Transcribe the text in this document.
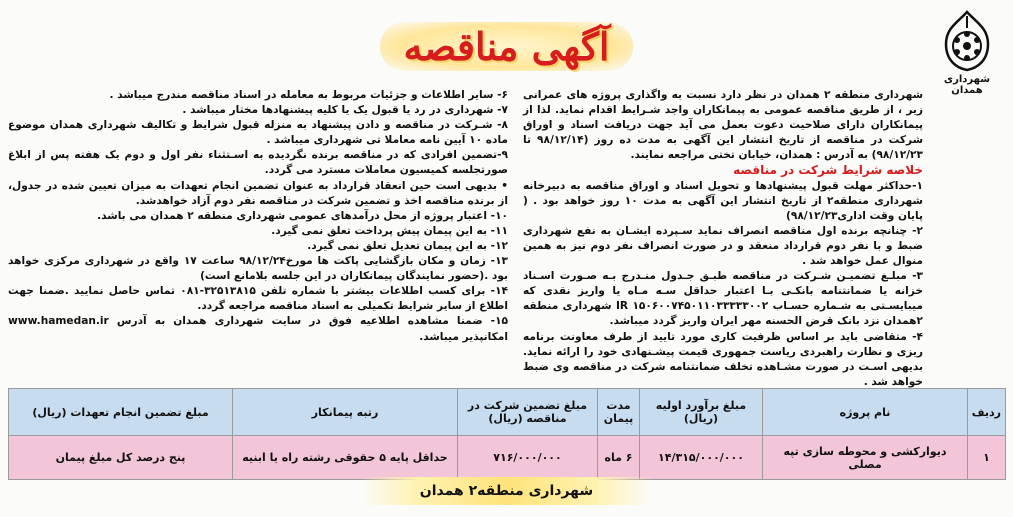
شهرداری همدان
آگهی مناقصه

شهرداری منطقه ۲ همدان در نظر دارد نسبت به واگذاری پروژه های عمرانی زیر ، از طریق مناقصه عمومی به پیمانکاران واجد شـرایط اقدام نماید. لذا از پیمانکاران دارای صلاحیت دعوت بعمل می آید جهت دریافت اسناد و اوراق شرکت در مناقصه از تاریخ انتشار این آگهی به مدت ده روز (۹۸/۱۲/۱۴ تا ۹۸/۱۲/۲۳) به آدرس : همدان، خیابان تختی مراجعه نمایند.

خلاصه شرایط شرکت در مناقصه

۱-حداکثر مهلت قبول پیشنهادها و تحویل اسناد و اوراق مناقصه به دبیرخانه شهرداری منطقه۲ از تاریخ انتشار این آگهی به مدت ۱۰ روز خواهد بود . ( پایان وقت اداری۹۸/۱۲/۲۳)

۲- چنانچه برنده اول مناقصه انصراف نماید سـپرده ایشـان به نفع شهرداری ضبط و با نفر دوم قرارداد منعقد و در صورت انصراف نفر دوم نیز به همین منوال عمل خواهد شد .

۳- مبلـغ تضمیـن شـرکت در مناقصه طبـق جـدول منـدرج بـه صـورت اسـناد خزانه یا ضمانتنامه بانکـی بـا اعتبار حداقل سـه مـاه یا واریز نقدی که میبایسـتی به شـماره حسـاب IR ۱۵۰۶۰۰۷۴۵۰۱۱۰۳۳۳۳۳۰۰۲ شهرداری منطقه ۲همدان نزد بانک قرض الحسنه مهر ایران واریز گردد میباشد.

۴- متقاضی باید بر اساس ظرفیت کاری مورد تایید از طرف معاونت برنامه ریزی و نظارت راهبردی ریاست جمهوری قیمت پیشـنهادی خود را ارائه نماید. بدیهی اسـت در صورت مشـاهده تخلف ضمانتنامه شرکت در مناقصه وی ضبط خواهد شد .

۶- سایر اطلاعات و جزئیات مربوط به معامله در اسناد مناقصه مندرج میباشد .

۷- شهرداری در رد یا قبول یک یا کلیه پیشنهادها مختار میباشد .

۸- شـرکت در مناقصه و دادن پیشنهاد به منزله قبول شرایط و تکالیف شهرداری همدان موضوع ماده ۱۰ آیین نامه معاملا تی شهرداری میباشد .

۹-تضمین افرادی که در مناقصه برنده نگردیده به اسـتثناء نفر اول و دوم یک هفته پس از ابلاغ صورتجلسه کمیسیون معاملات مسترد می گردد.

• بدیهی است حین انعقاد قرارداد به عنوان تضمین انجام تعهدات به میزان تعیین شده در جدول، از برنده مناقصه اخذ و تضمین شرکت در مناقصه نفر دوم آزاد خواهدشد.

۱۰- اعتبار پروژه از محل درآمدهای عمومی شهرداری منطقه ۲ همدان می باشد.

۱۱- به این پیمان پیش پرداخت تعلق نمی گیرد.

۱۲- به این پیمان تعدیل تعلق نمی گیرد.

۱۳- زمان و مکان بازگشایی پاکت ها مورخ۹۸/۱۲/۲۴ ساعت ۱۷ واقع در شهرداری مرکزی خواهد بود .(حضور نمایندگان پیمانکاران در این جلسه بلامانع است)

۱۴- برای کسب اطلاعات بیشتر با شماره تلفن ۳۲۵۱۳۸۱۵-۰۸۱ تماس حاصل نمایید .ضمنا جهت اطلاع از سایر شرایط تکمیلی به اسناد مناقصه مراجعه گردد.

۱۵- ضمنا مشاهده اطلاعیه فوق در سایت شهرداری همدان به آدرس www.hamedan.ir امکانپذیر میباشد.

ردیف	نام پروژه	مبلغ برآورد اولیه (ریال)	مدت پیمان	مبلغ تضمین شرکت در مناقصه (ریال)	رتبه پیمانکار	مبلغ تضمین انجام تعهدات (ریال)
۱	دیوارکشی و محوطه سازی تپه مصلی	۱۴/۳۱۵/۰۰۰/۰۰۰	۶ ماه	۷۱۶/۰۰۰/۰۰۰	حداقل پایه ۵ حقوقی رشته راه یا ابنیه	پنج درصد کل مبلغ پیمان
شهرداری منطقه۲ همدان
